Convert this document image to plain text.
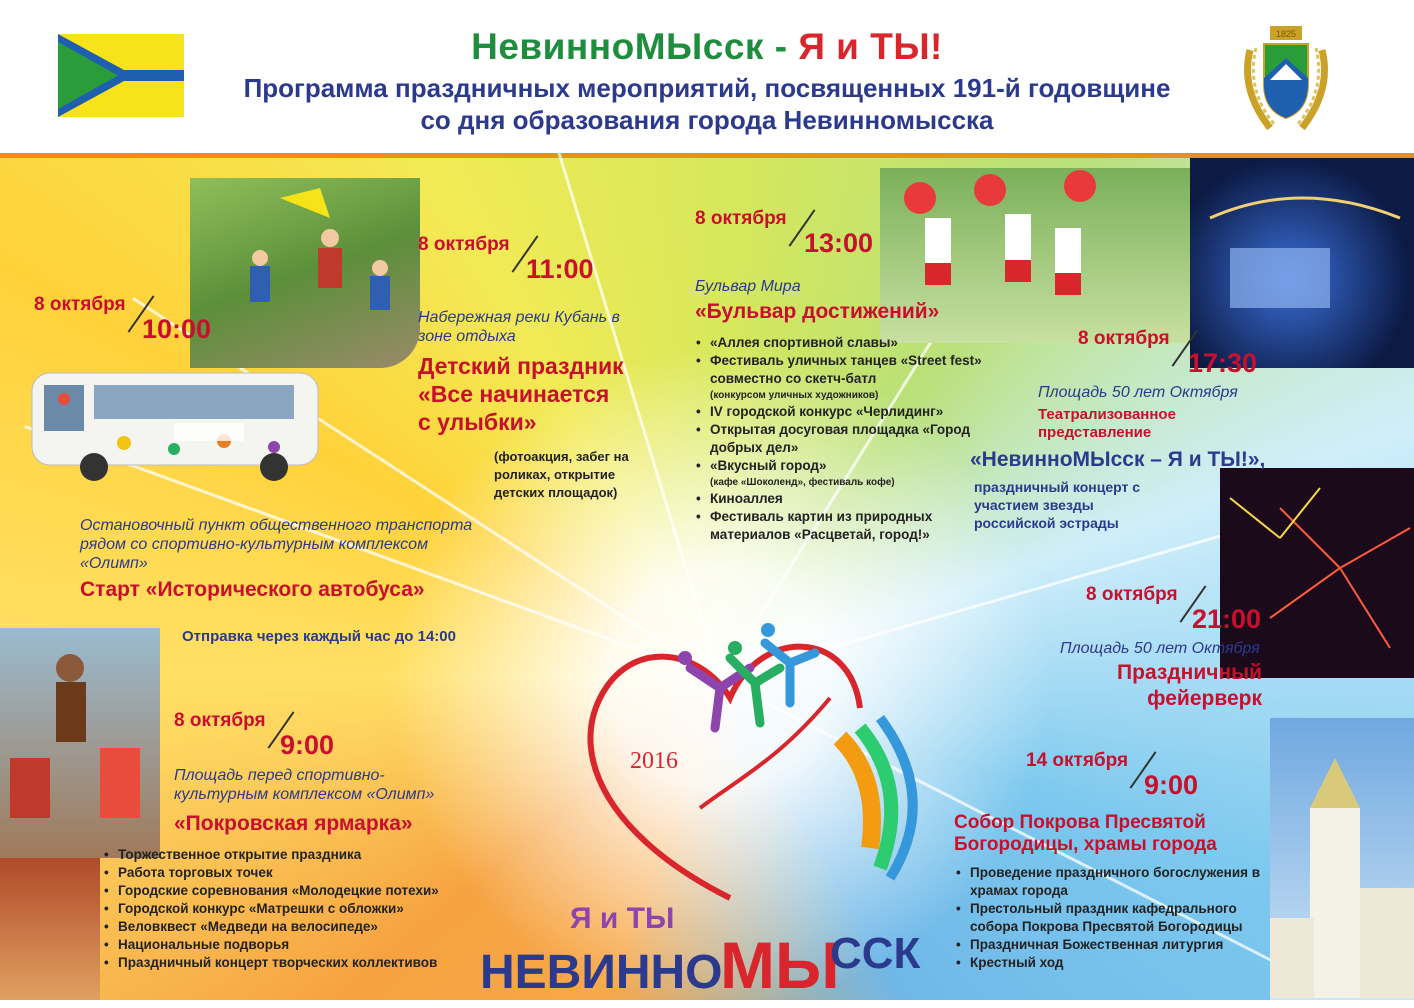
НевинноМЫсск - Я и ТЫ!
Программа праздничных мероприятий, посвященных 191-й годовщине
со дня образования города Невинномысска
1825
8 октября
10:00
Остановочный пункт общественного транспорта рядом со спортивно-культурным комплексом «Олимп»
Старт «Исторического автобуса»
Отправка через каждый час до 14:00
8 октября
11:00
Набережная реки Кубань в зоне отдыха
Детский праздник
«Все начинается
с улыбки»
(фотоакция, забег на роликах, открытие детских площадок)
8 октября
13:00
Бульвар Мира
«Бульвар достижений»
• «Аллея спортивной славы»
• Фестиваль уличных танцев «Street fest» совместно со скетч-батл
(конкурсом уличных художников)
• IV городской конкурс «Черлидинг»
• Открытая досуговая площадка «Город добрых дел»
• «Вкусный город»
(кафе «Шоколенд», фестиваль кофе)
• Киноаллея
• Фестиваль картин из природных материалов «Расцветай, город!»
8 октября
17:30
Площадь 50 лет Октября
Театрализованное представление
«НевинноМЫсск – Я и ТЫ!»,
праздничный концерт с участием звезды российской эстрады
8 октября
21:00
Площадь 50 лет Октября
Праздничный
фейерверк
8 октября
9:00
Площадь перед спортивно-культурным комплексом «Олимп»
«Покровская ярмарка»
• Торжественное открытие праздника
• Работа торговых точек
• Городские соревнования «Молодецкие потехи»
• Городской конкурс «Матрешки с обложки»
• Веловквест «Медведи на велосипеде»
• Национальные подворья
• Праздничный концерт творческих коллективов
14 октября
9:00
Собор Покрова Пресвятой Богородицы, храмы города
• Проведение праздничного богослужения в храмах города
• Престольный праздник кафедрального собора Покрова Пресвятой Богородицы
• Праздничная Божественная литургия
• Крестный ход
2016
Я и ТЫ
НЕВИННО
МЫ
ССК
